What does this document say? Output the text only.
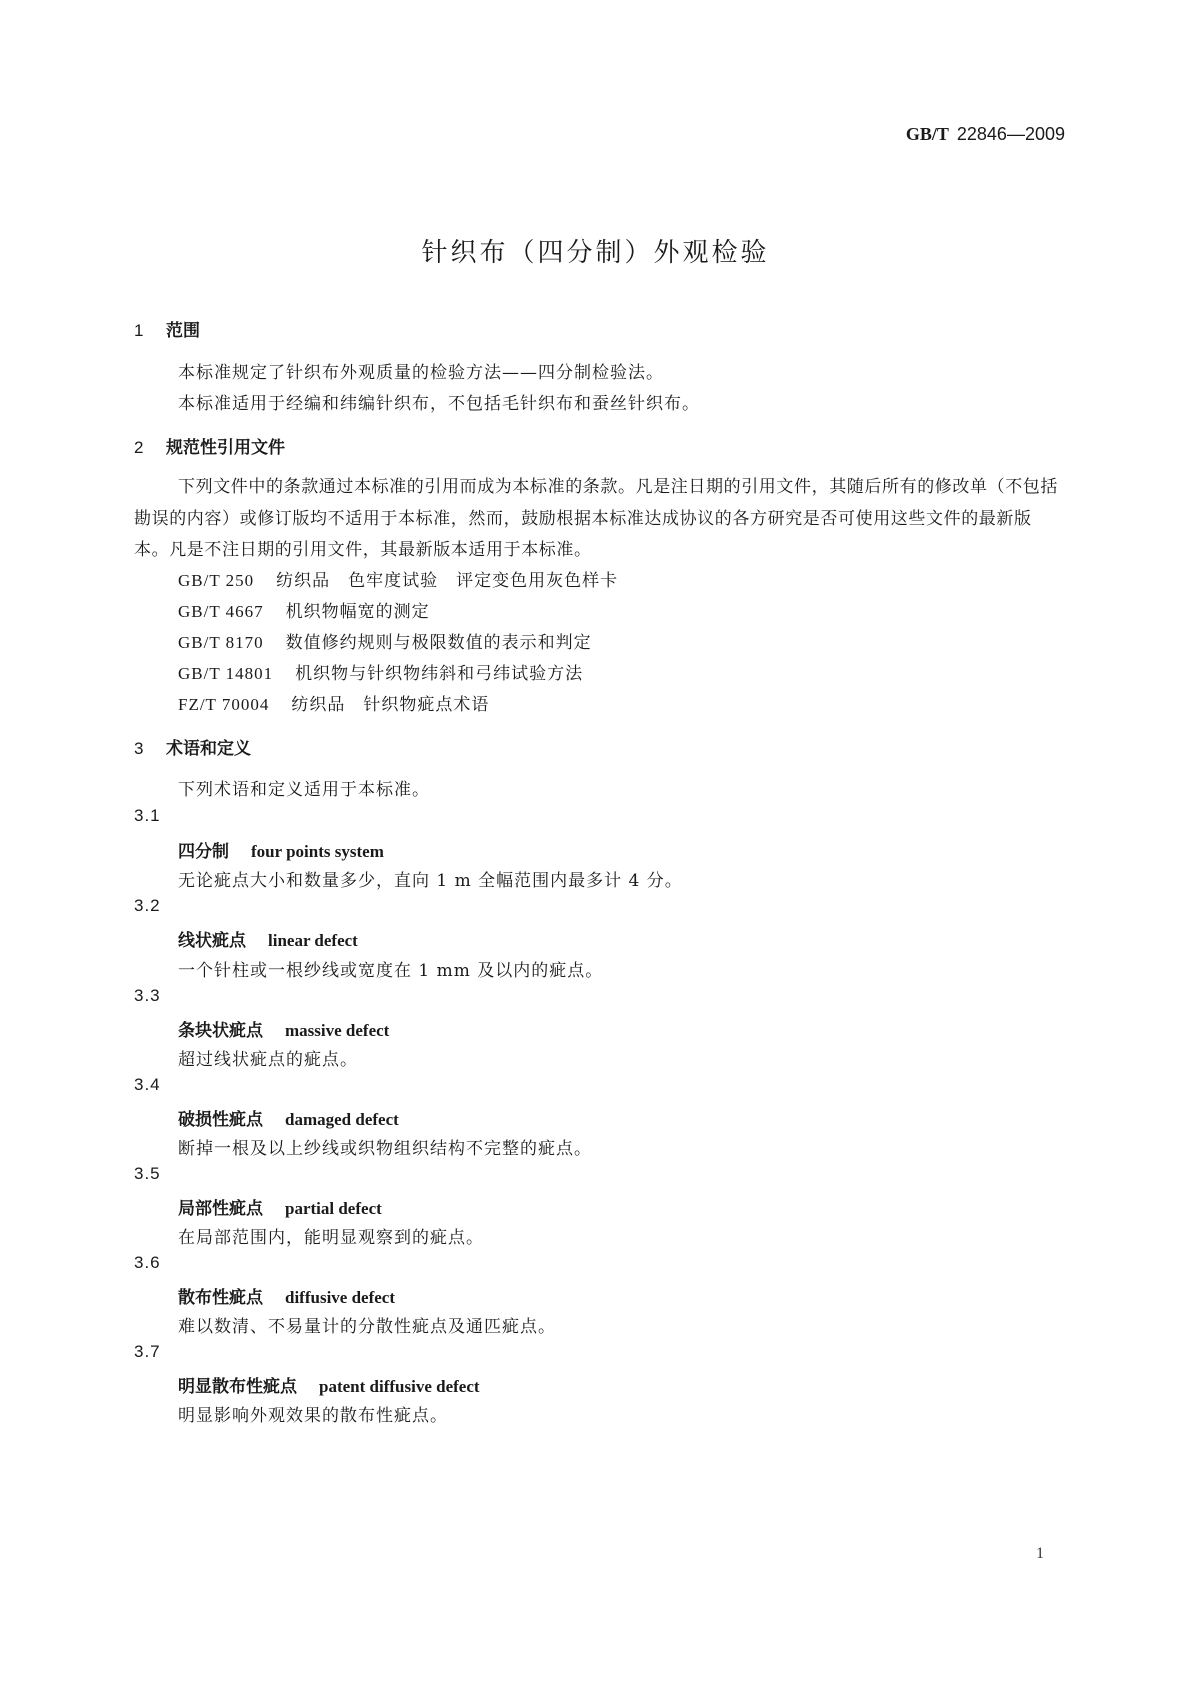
GB/T 22846—2009
针织布（四分制）外观检验
1 范围
本标准规定了针织布外观质量的检验方法——四分制检验法。
本标准适用于经编和纬编针织布，不包括毛针织布和蚕丝针织布。
2 规范性引用文件
下列文件中的条款通过本标准的引用而成为本标准的条款。凡是注日期的引用文件，其随后所有的修改单（不包括勘误的内容）或修订版均不适用于本标准，然而，鼓励根据本标准达成协议的各方研究是否可使用这些文件的最新版本。凡是不注日期的引用文件，其最新版本适用于本标准。
GB/T 250 纺织品　色牢度试验　评定变色用灰色样卡
GB/T 4667 机织物幅宽的测定
GB/T 8170 数值修约规则与极限数值的表示和判定
GB/T 14801 机织物与针织物纬斜和弓纬试验方法
FZ/T 70004 纺织品　针织物疵点术语
3 术语和定义
下列术语和定义适用于本标准。
3.1
四分制 four points system
无论疵点大小和数量多少，直向 1 m 全幅范围内最多计 4 分。
3.2
线状疵点 linear defect
一个针柱或一根纱线或宽度在 1 mm 及以内的疵点。
3.3
条块状疵点 massive defect
超过线状疵点的疵点。
3.4
破损性疵点 damaged defect
断掉一根及以上纱线或织物组织结构不完整的疵点。
3.5
局部性疵点 partial defect
在局部范围内，能明显观察到的疵点。
3.6
散布性疵点 diffusive defect
难以数清、不易量计的分散性疵点及通匹疵点。
3.7
明显散布性疵点 patent diffusive defect
明显影响外观效果的散布性疵点。
1
